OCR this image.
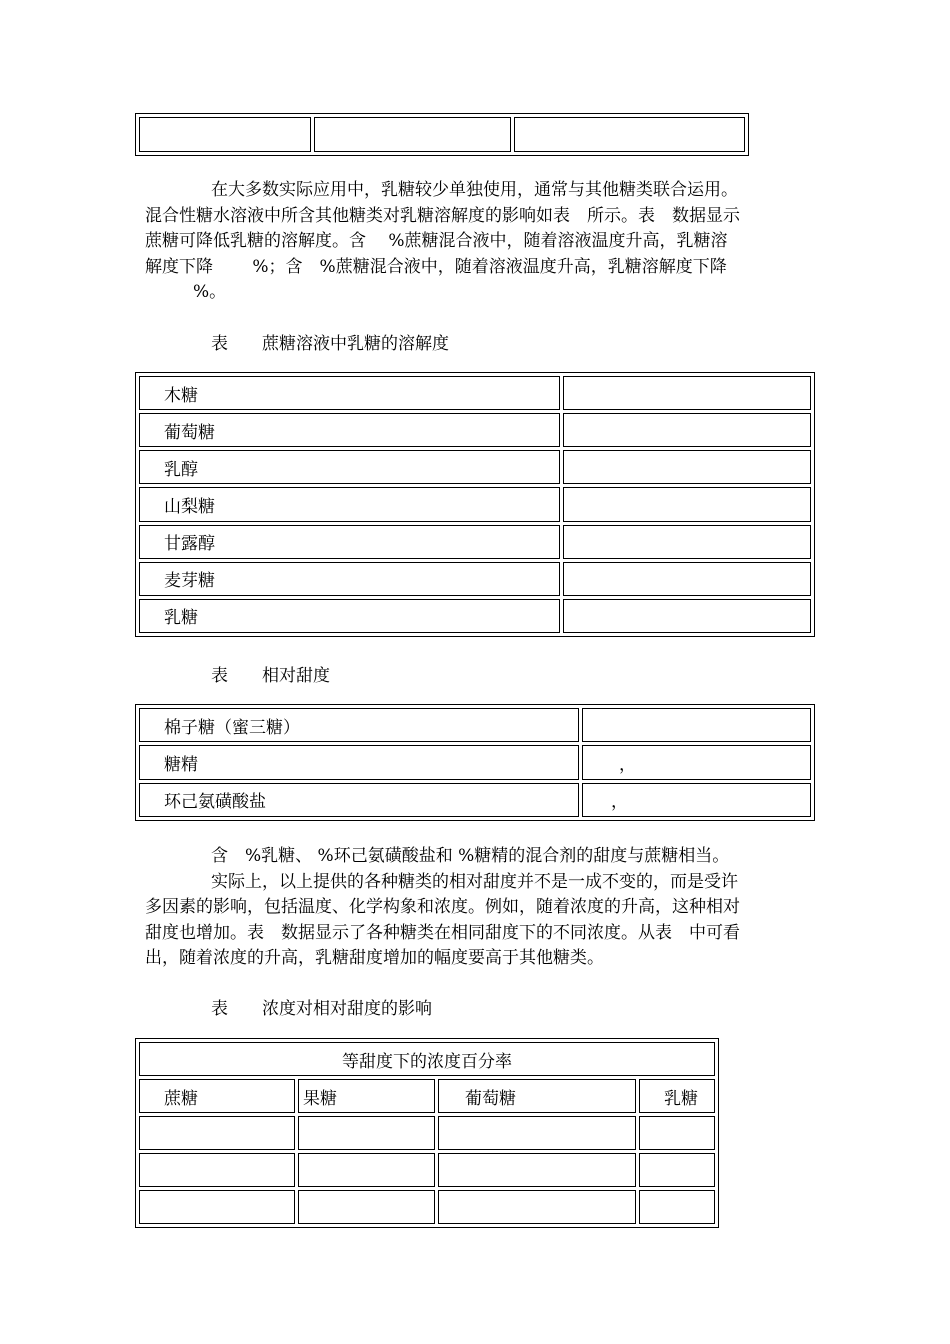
在大多数实际应用中，乳糖较少单独使用，通常与其他糖类联合运用。

混合性糖水溶液中所含其他糖类对乳糖溶解度的影响如表　所示。表　数据显示

蔗糖可降低乳糖的溶解度。含　 %蔗糖混合液中，随着溶液温度升高，乳糖溶

解度下降　　 %；含　%蔗糖混合液中，随着溶液温度升高，乳糖溶解度下降

%。

表　　蔗糖溶液中乳糖的溶解度
木糖	
葡萄糖	
乳醇	
山梨糖	
甘露醇	
麦芽糖	
乳糖	
表　　相对甜度
棉子糖（蜜三糖）	
糖精	，
环己氨磺酸盐	，

含　%乳糖、 %环己氨磺酸盐和 %糖精的混合剂的甜度与蔗糖相当。

实际上，以上提供的各种糖类的相对甜度并不是一成不变的，而是受许

多因素的影响，包括温度、化学构象和浓度。例如，随着浓度的升高，这种相对

甜度也增加。表　数据显示了各种糖类在相同甜度下的不同浓度。从表　中可看

出，随着浓度的升高，乳糖甜度增加的幅度要高于其他糖类。

表　　浓度对相对甜度的影响
等甜度下的浓度百分率			
蔗糖	果糖	葡萄糖	乳糖
